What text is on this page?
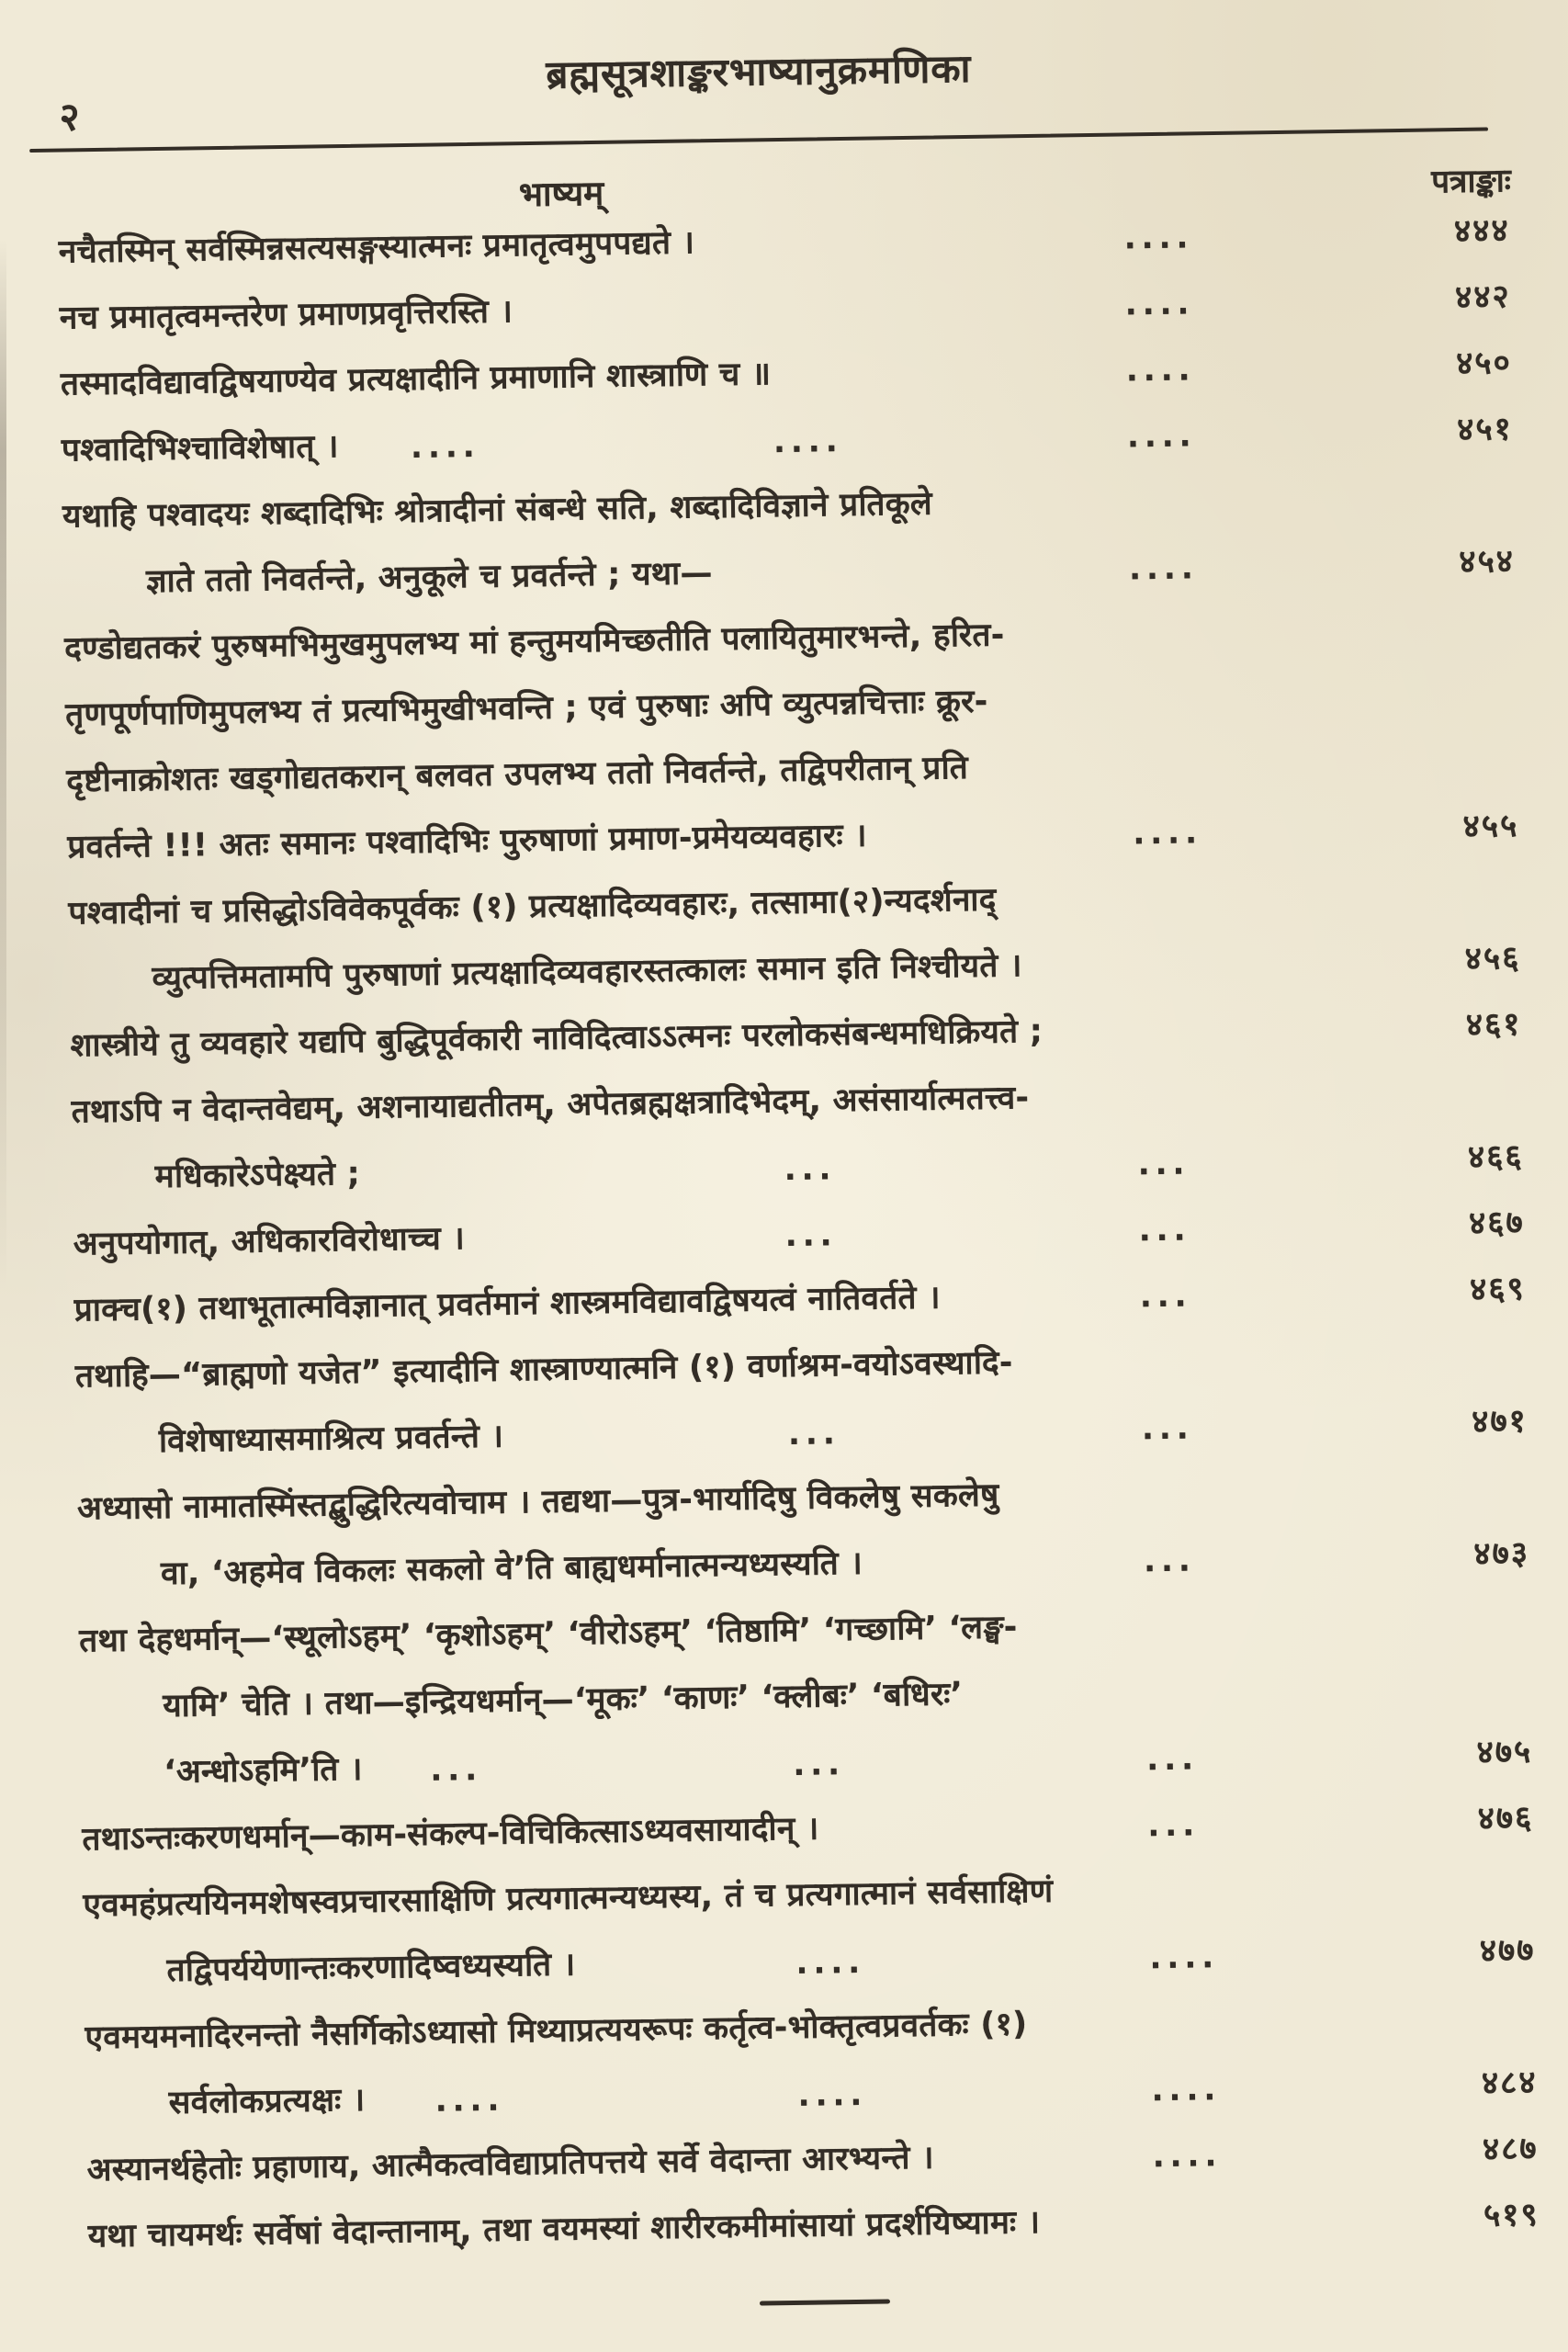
२
ब्रह्मसूत्रशाङ्करभाष्यानुक्रमणिका
भाष्यम्	पत्राङ्काः
नचैतस्मिन् सर्वस्मिन्नसत्यसङ्गस्यात्मनः प्रमातृत्वमुपपद्यते ।	....	४४४
नच प्रमातृत्वमन्तरेण प्रमाणप्रवृत्तिरस्ति ।	....	४४२
तस्मादविद्यावद्विषयाण्येव प्रत्यक्षादीनि प्रमाणानि शास्त्राणि च ॥	....	४५०
पश्वादिभिश्चाविशेषात् । ....	....	....	४५१
यथाहि पश्वादयः शब्दादिभिः श्रोत्रादीनां संबन्धे सति, शब्दादिविज्ञाने प्रतिकूले
ज्ञाते ततो निवर्तन्ते, अनुकूले च प्रवर्तन्ते ; यथा—	....	४५४
दण्डोद्यतकरं पुरुषमभिमुखमुपलभ्य मां हन्तुमयमिच्छतीति पलायितुमारभन्ते, हरित-
तृणपूर्णपाणिमुपलभ्य तं प्रत्यभिमुखीभवन्ति ; एवं पुरुषाः अपि व्युत्पन्नचित्ताः क्रूर-
दृष्टीनाक्रोशतः खड्गोद्यतकरान् बलवत उपलभ्य ततो निवर्तन्ते, तद्विपरीतान् प्रति
प्रवर्तन्ते !!! अतः समानः पश्वादिभिः पुरुषाणां प्रमाण-प्रमेयव्यवहारः ।	....	४५५
पश्वादीनां च प्रसिद्धोऽविवेकपूर्वकः (१) प्रत्यक्षादिव्यवहारः, तत्सामा(२)न्यदर्शनाद्
व्युत्पत्तिमतामपि पुरुषाणां प्रत्यक्षादिव्यवहारस्तत्कालः समान इति निश्चीयते ।	४५६
शास्त्रीये तु व्यवहारे यद्यपि बुद्धिपूर्वकारी नाविदित्वाऽऽत्मनः परलोकसंबन्धमधिक्रियते ;	४६१
तथाऽपि न वेदान्तवेद्यम्, अशनायाद्यतीतम्, अपेतब्रह्मक्षत्रादिभेदम्, असंसार्यात्मतत्त्व-
मधिकारेऽपेक्ष्यते ;	...	...	४६६
अनुपयोगात्, अधिकारविरोधाच्च ।	...	...	४६७
प्राक्च(१) तथाभूतात्मविज्ञानात् प्रवर्तमानं शास्त्रमविद्यावद्विषयत्वं नातिवर्तते ।	...	४६९
तथाहि—“ब्राह्मणो यजेत” इत्यादीनि शास्त्राण्यात्मनि (१) वर्णाश्रम-वयोऽवस्थादि-
विशेषाध्यासमाश्रित्य प्रवर्तन्ते ।	...	...	४७१
अध्यासो नामातस्मिंस्तद्बुद्धिरित्यवोचाम । तद्यथा—पुत्र-भार्यादिषु विकलेषु सकलेषु
वा, ‘अहमेव विकलः सकलो वे’ति बाह्यधर्मानात्मन्यध्यस्यति ।	...	४७३
तथा देहधर्मान्—‘स्थूलोऽहम्’ ‘कृशोऽहम्’ ‘वीरोऽहम्’ ‘तिष्ठामि’ ‘गच्छामि’ ‘लङ्घ-
यामि’ चेति । तथा—इन्द्रियधर्मान्—‘मूकः’ ‘काणः’ ‘क्लीबः’ ‘बधिरः’
‘अन्धोऽहमि’ति । ...	...	...	४७५
तथाऽन्तःकरणधर्मान्—काम-संकल्प-विचिकित्साऽध्यवसायादीन् ।	...	४७६
एवमहंप्रत्ययिनमशेषस्वप्रचारसाक्षिणि प्रत्यगात्मन्यध्यस्य, तं च प्रत्यगात्मानं सर्वसाक्षिणं
तद्विपर्ययेणान्तःकरणादिष्वध्यस्यति ।	....	....	४७७
एवमयमनादिरनन्तो नैसर्गिकोऽध्यासो मिथ्याप्रत्ययरूपः कर्तृत्व-भोक्तृत्वप्रवर्तकः (१)
सर्वलोकप्रत्यक्षः । ....	....	....	४८४
अस्यानर्थहेतोः प्रहाणाय, आत्मैकत्वविद्याप्रतिपत्तये सर्वे वेदान्ता आरभ्यन्ते ।	....	४८७
यथा चायमर्थः सर्वेषां वेदान्तानाम्, तथा वयमस्यां शारीरकमीमांसायां प्रदर्शयिष्यामः ।	५१९
